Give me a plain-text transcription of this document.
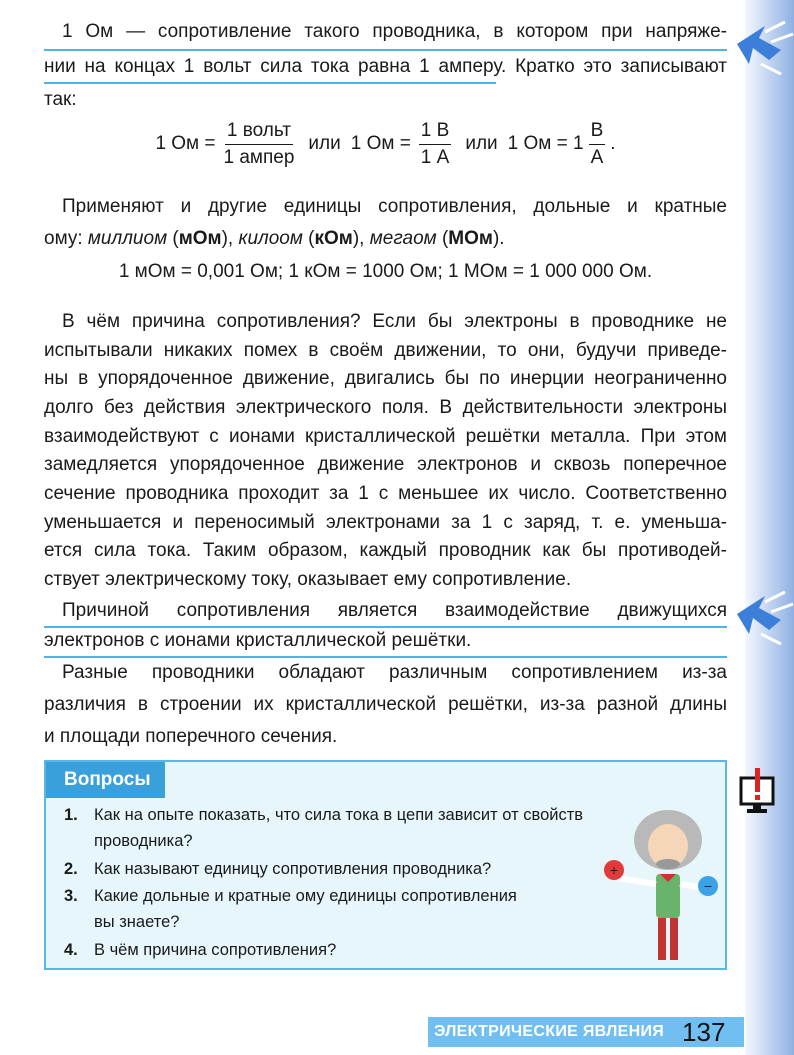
1 Ом — сопротивление такого проводника, в котором при напряже-
нии на концах 1 вольт сила тока равна 1 амперу. Кратко это записывают
так:
1 Ом = $\frac{\text{1 вольт}}{\text{1 ампер}}$ или 1 Ом = $\frac{1 В}{1 А}$ или 1 Ом = $1 \frac{В}{А}$ .
Применяют и другие единицы сопротивления, дольные и кратные
ому: миллиом (мОм), килоом (кОм), мегаом (МОм).
1 мОм = 0,001 Ом; 1 кОм = 1000 Ом; 1 МОм = 1 000 000 Ом.
В чём причина сопротивления? Если бы электроны в проводнике не
испытывали никаких помех в своём движении, то они, будучи приведе-
ны в упорядоченное движение, двигались бы по инерции неограниченно
долго без действия электрического поля. В действительности электроны
взаимодействуют с ионами кристаллической решётки металла. При этом
замедляется упорядоченное движение электронов и сквозь поперечное
сечение проводника проходит за 1 с меньшее их число. Соответственно
уменьшается и переносимый электронами за 1 с заряд, т. е. уменьша-
ется сила тока. Таким образом, каждый проводник как бы противодей-
ствует электрическому току, оказывает ему сопротивление.
Причиной сопротивления является взаимодействие движущихся
электронов с ионами кристаллической решётки.
Разные проводники обладают различным сопротивлением из-за
различия в строении их кристаллической решётки, из-за разной длины
и площади поперечного сечения.
Вопросы
1. Как на опыте показать, что сила тока в цепи зависит от свойств
проводника?
2. Как называют единицу сопротивления проводника?
3. Какие дольные и кратные ому единицы сопротивления
вы знаете?
4. В чём причина сопротивления?
+
−
ЭЛЕКТРИЧЕСКИЕ ЯВЛЕНИЯ 137
